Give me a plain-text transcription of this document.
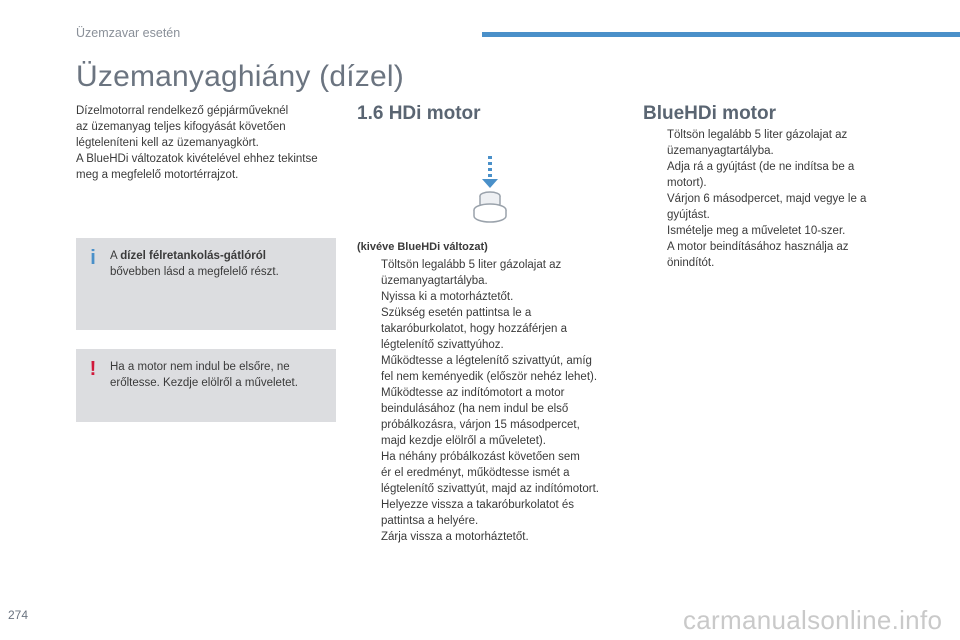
Üzemzavar esetén
Üzemanyaghiány (dízel)

Dízelmotorral rendelkező gépjárműveknél

az üzemanyag teljes kifogyását követően

légteleníteni kell az üzemanyagkört.

A BlueHDi változatok kivételével ehhez tekintse

meg a megfelelő motortérrajzot.

i	A dízel félretankolás-gátlóról
bővebben lásd a megfelelő részt.
!	Ha a motor nem indul be elsőre, ne
erőltesse. Kezdje elölről a műveletet.
1.6 HDi motor	BlueHDi motor
(kivéve BlueHDi változat)
Töltsön legalább 5 liter gázolajat az
üzemanyagtartályba.
Nyissa ki a motorháztetőt.
Szükség esetén pattintsa le a
takaróburkolatot, hogy hozzáférjen a
légtelenítő szivattyúhoz.
Működtesse a légtelenítő szivattyút, amíg
fel nem keményedik (először nehéz lehet).
Működtesse az indítómotort a motor
beindulásához (ha nem indul be első
próbálkozásra, várjon 15 másodpercet,
majd kezdje elölről a műveletet).
Ha néhány próbálkozást követően sem
ér el eredményt, működtesse ismét a
légtelenítő szivattyút, majd az indítómotort.
Helyezze vissza a takaróburkolatot és
pattintsa a helyére.
Zárja vissza a motorháztetőt.
Töltsön legalább 5 liter gázolajat az
üzemanyagtartályba.
Adja rá a gyújtást (de ne indítsa be a
motort).
Várjon 6 másodpercet, majd vegye le a
gyújtást.
Ismételje meg a műveletet 10-szer.
A motor beindításához használja az
önindítót.
274	carmanualsonline.info
